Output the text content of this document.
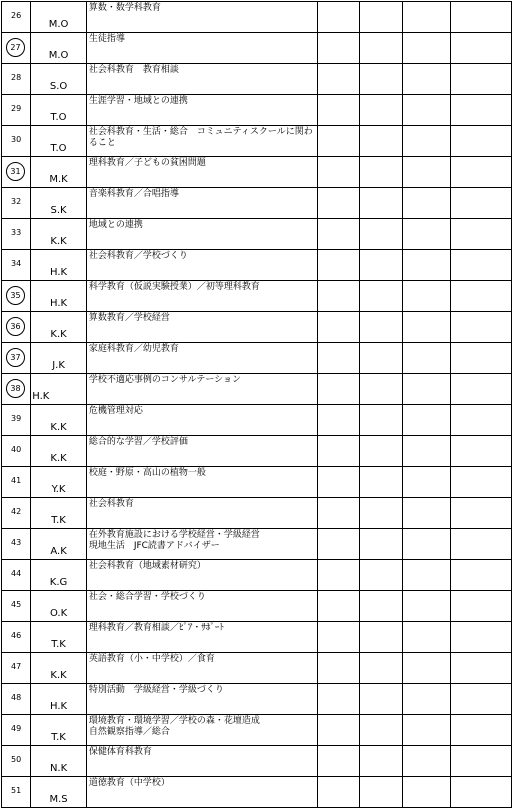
26	M.O	算数・数学科教育				

27	M.O	生徒指導				

28	S.O	社会科教育　教育相談				

29	T.O	生涯学習・地域との連携				

30	T.O	社会科教育・生活・総合　コミュニティスクールに関わること				

31	M.K	理科教育／子どもの貧困問題				

32	S.K	音楽科教育／合唱指導				

33	K.K	地域との連携				

34	H.K	社会科教育／学校づくり				

35	H.K	科学教育（仮説実験授業）／初等理科教育				

36	K.K	算数教育／学校経営				

37	J.K	家庭科教育／幼児教育				

38	H.K	学校不適応事例のコンサルテーション				

39	K.K	危機管理対応				

40	K.K	総合的な学習／学校評価				

41	Y.K	校庭・野原・高山の植物一般				

42	T.K	社会科教育				

43	A.K	在外教育施設における学校経営・学級経営
現地生活　JFC読書アドバイザー				

44	K.G	社会科教育（地域素材研究）				

45	O.K	社会・総合学習・学校づくり				

46	T.K	理科教育／教育相談／ﾋﾟｱ・ｻﾎﾟｰﾄ				

47	K.K	英語教育（小・中学校）／食育				

48	H.K	特別活動　学級経営・学級づくり				

49	T.K	環境教育・環境学習／学校の森・花壇造成
自然観察指導／総合				

50	N.K	保健体育科教育				

51	M.S	道徳教育（中学校）				
